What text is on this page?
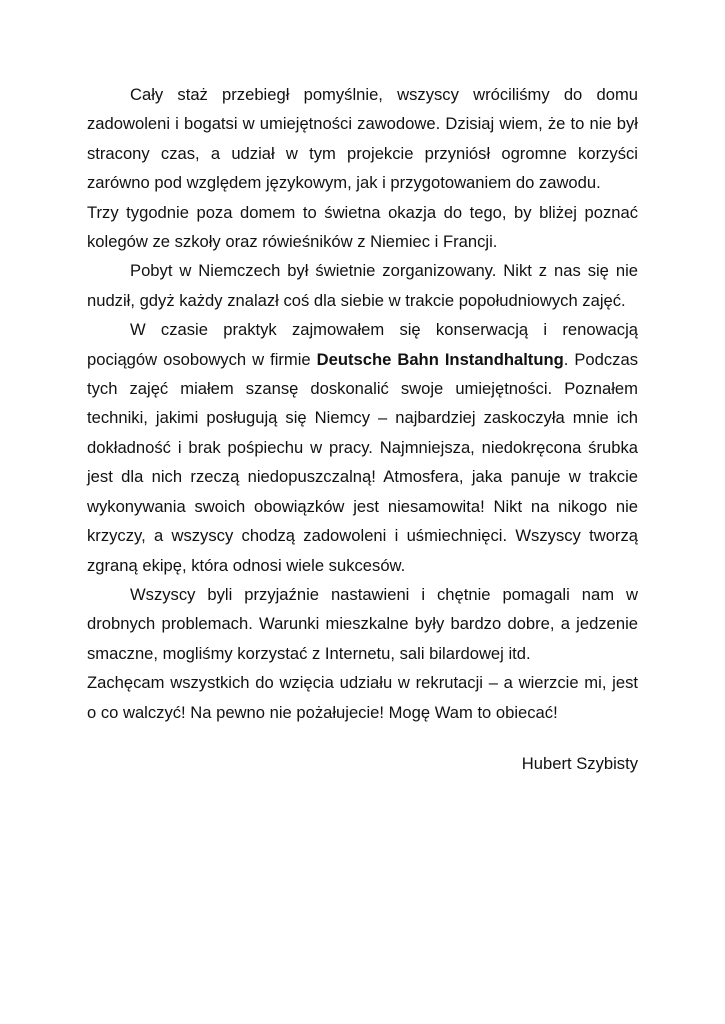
Cały staż przebiegł pomyślnie, wszyscy wróciliśmy do domu zadowoleni i bogatsi w umiejętności zawodowe. Dzisiaj wiem, że to nie był stracony czas, a udział w tym projekcie przyniósł ogromne korzyści zarówno pod względem językowym, jak i przygotowaniem do zawodu.

Trzy tygodnie poza domem to świetna okazja do tego, by bliżej poznać kolegów ze szkoły oraz rówieśników z Niemiec i Francji.

Pobyt w Niemczech był świetnie zorganizowany. Nikt z nas się nie nudził, gdyż każdy znalazł coś dla siebie w trakcie popołudniowych zajęć.

W czasie praktyk zajmowałem się konserwacją i renowacją pociągów osobowych w firmie Deutsche Bahn Instandhaltung. Podczas tych zajęć miałem szansę doskonalić swoje umiejętności. Poznałem techniki, jakimi posługują się Niemcy – najbardziej zaskoczyła mnie ich dokładność i brak pośpiechu w pracy. Najmniejsza, niedokręcona śrubka jest dla nich rzeczą niedopuszczalną! Atmosfera, jaka panuje w trakcie wykonywania swoich obowiązków jest niesamowita! Nikt na nikogo nie krzyczy, a wszyscy chodzą zadowoleni i uśmiechnięci. Wszyscy tworzą zgraną ekipę, która odnosi wiele sukcesów.

Wszyscy byli przyjaźnie nastawieni i chętnie pomagali nam w drobnych problemach. Warunki mieszkalne były bardzo dobre, a jedzenie smaczne, mogliśmy korzystać z Internetu, sali bilardowej itd.

Zachęcam wszystkich do wzięcia udziału w rekrutacji – a wierzcie mi, jest o co walczyć! Na pewno nie pożałujecie! Mogę Wam to obiecać!

Hubert Szybisty
